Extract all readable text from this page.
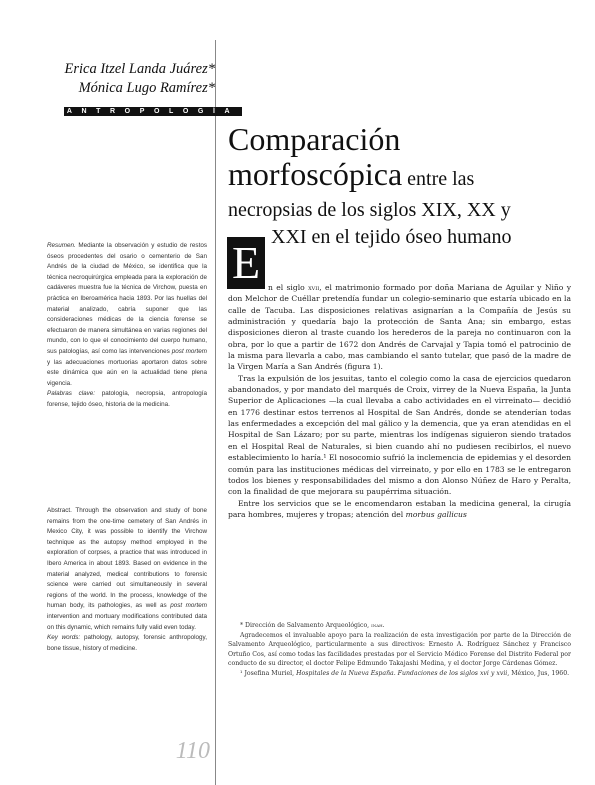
Erica Itzel Landa Juárez*
Mónica Lugo Ramírez*
ANTROPOLOGÍA
Comparación
morfoscópica entre las
necropsias de los siglos XIX, XX y
XXI en el tejido óseo humano
E

Resumen. Mediante la observación y estudio de restos óseos procedentes del osario o cementerio de San Andrés de la ciudad de México, se identifica que la técnica necroquirúrgica empleada para la exploración de cadáveres muestra fue la técnica de Virchow, puesta en práctica en Iberoamérica hacia 1893. Por las huellas del material analizado, cabría suponer que las consideraciones médicas de la ciencia forense se efectuaron de manera simultánea en varias regiones del mundo, con lo que el conocimiento del cuerpo humano, sus patologías, así como las intervenciones post mortem y las adecuaciones mortuorias aportaron datos sobre este dinámica que aún en la actualidad tiene plena vigencia.

Palabras clave: patología, necropsia, antropología forense, tejido óseo, historia de la medicina.

Abstract. Through the observation and study of bone remains from the one-time cemetery of San Andrés in Mexico City, it was possible to identify the Virchow technique as the autopsy method employed in the exploration of corpses, a practice that was introduced in Ibero America in about 1893. Based on evidence in the material analyzed, medical contributions to forensic science were carried out simultaneously in several regions of the world. In the process, knowledge of the human body, its pathologies, as well as post mortem intervention and mortuary modifications contributed data on this dynamic, which remains fully valid even today.

Key words: pathology, autopsy, forensic anthropology, bone tissue, history of medicine.

n el siglo xvii, el matrimonio formado por doña Mariana de Aguilar y Niño y don Melchor de Cuéllar pretendía fundar un colegio-seminario que estaría ubicado en la calle de Tacuba. Las disposiciones relativas asignarían a la Compañía de Jesús su administración y quedaría bajo la protección de Santa Ana; sin embargo, estas disposiciones dieron al traste cuando los herederos de la pareja no continuaron con la obra, por lo que a partir de 1672 don Andrés de Carvajal y Tapia tomó el patrocinio de la misma para llevarla a cabo, mas cambiando el santo tutelar, que pasó de la madre de la Virgen María a San Andrés (figura 1).

Tras la expulsión de los jesuitas, tanto el colegio como la casa de ejercicios quedaron abandonados, y por mandato del marqués de Croix, virrey de la Nueva España, la Junta Superior de Aplicaciones —la cual llevaba a cabo actividades en el virreinato— decidió en 1776 destinar estos terrenos al Hospital de San Andrés, donde se atenderían todas las enfermedades a excepción del mal gálico y la demencia, que ya eran atendidas en el Hospital de San Lázaro; por su parte, mientras los indígenas siguieron siendo tratados en el Hospital Real de Naturales, si bien cuando ahí no pudiesen recibirlos, el nuevo establecimiento lo haría.¹ El nosocomio sufrió la inclemencia de epidemias y el desorden común para las instituciones médicas del virreinato, y por ello en 1783 se le entregaron todos los bienes y responsabilidades del mismo a don Alonso Núñez de Haro y Peralta, con la finalidad de que mejorara su paupérrima situación.

Entre los servicios que se le encomendaron estaban la medicina general, la cirugía para hombres, mujeres y tropas; atención del morbus gallicus

* Dirección de Salvamento Arqueológico, inah.

Agradecemos el invaluable apoyo para la realización de esta investigación por parte de la Dirección de Salvamento Arqueológico, particularmente a sus directivos: Ernesto A. Rodríguez Sánchez y Francisco Ortuño Cos, así como todas las facilidades prestadas por el Servicio Médico Forense del Distrito Federal por conducto de su director, el doctor Felipe Edmundo Takajashi Medina, y el doctor Jorge Cárdenas Gómez.

¹ Josefina Muriel, Hospitales de la Nueva España. Fundaciones de los siglos xvi y xvii, México, Jus, 1960.

110
